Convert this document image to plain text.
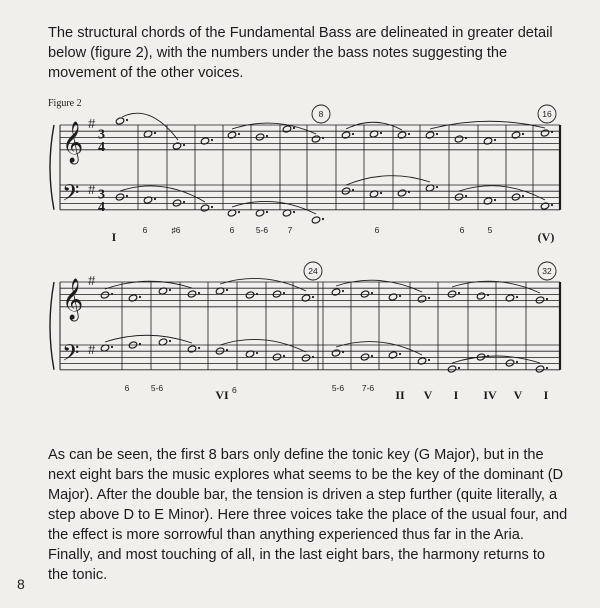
The structural chords of the Fundamental Bass are delineated in greater detail below (figure 2), with the numbers under the bass notes suggesting the movement of the other voices.

Figure 2
𝄞 #
𝄢 #
3
4
3
4
𝄞 #
𝄢 #
8	16
I	(V)
6	♯6	6	5-6 7	6	6	5
24	32
6	5-6	5-6 7-6
VI 6	II V I IV V I

As can be seen, the first 8 bars only define the tonic key (G Major), but in the next eight bars the music explores what seems to be the key of the dominant (D Major). After the double bar, the tension is driven a step further (quite literally, a step above D to E Minor). Here three voices take the place of the usual four, and the effect is more sorrowful than anything experienced thus far in the Aria. Finally, and most touching of all, in the last eight bars, the harmony returns to the tonic.

8
